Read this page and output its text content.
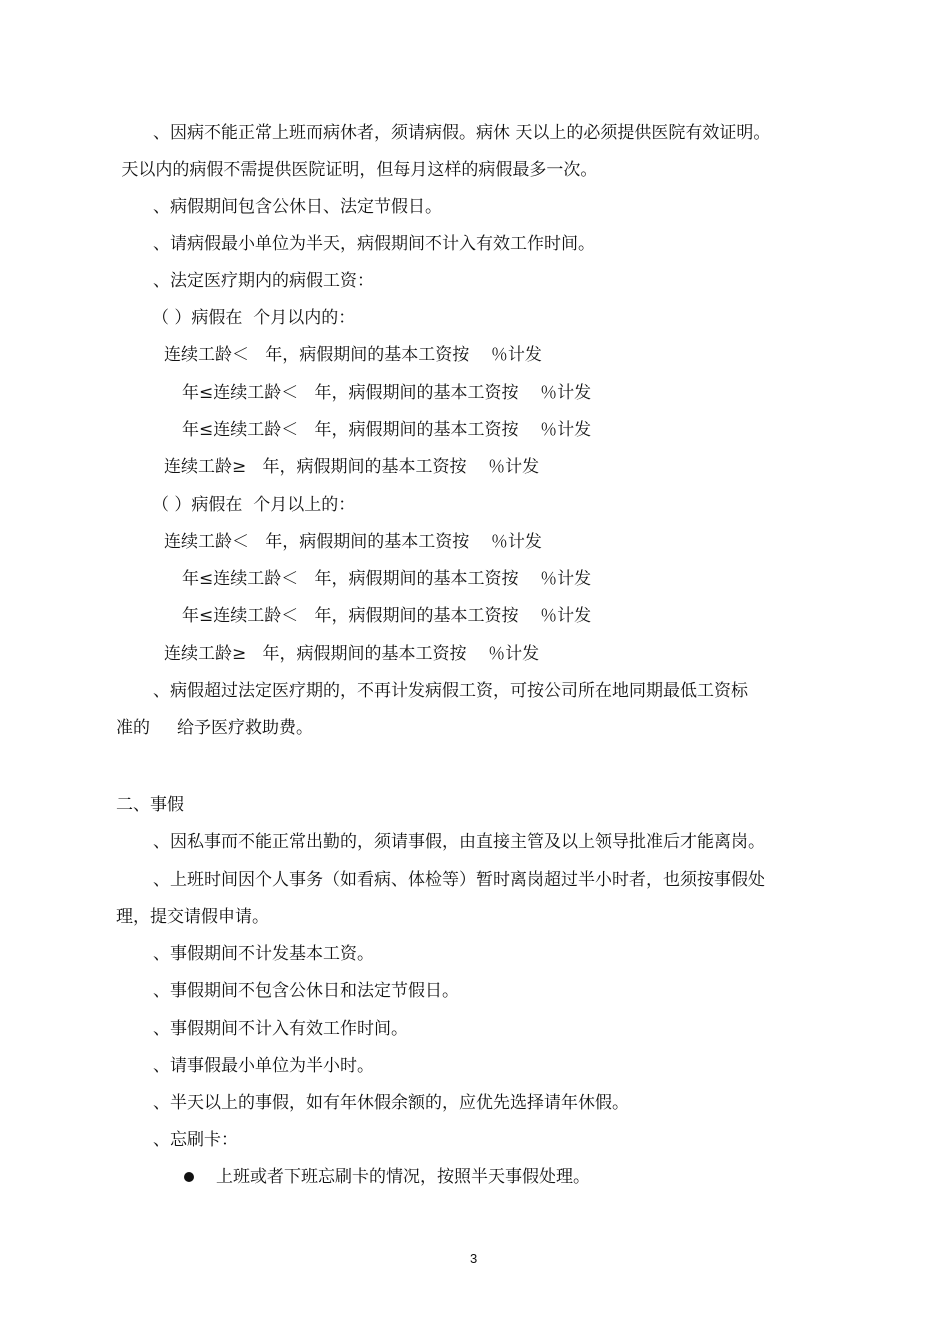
、因病不能正常上班而病休者，须请病假。病休 天以上的必须提供医院有效证明。
天以内的病假不需提供医院证明，但每月这样的病假最多一次。
、病假期间包含公休日、法定节假日。
、请病假最小单位为半天，病假期间不计入有效工作时间。
、法定医疗期内的病假工资：
（ ）病假在  个月以内的：
连续工龄＜   年，病假期间的基本工资按    ％计发
年≤连续工龄＜   年，病假期间的基本工资按    ％计发
年≤连续工龄＜   年，病假期间的基本工资按    ％计发
连续工龄≥   年，病假期间的基本工资按    ％计发
（ ）病假在  个月以上的：
连续工龄＜   年，病假期间的基本工资按    ％计发
年≤连续工龄＜   年，病假期间的基本工资按    ％计发
年≤连续工龄＜   年，病假期间的基本工资按    ％计发
连续工龄≥   年，病假期间的基本工资按    ％计发
、病假超过法定医疗期的，不再计发病假工资，可按公司所在地同期最低工资标
准的     给予医疗救助费。
二、事假
、因私事而不能正常出勤的，须请事假，由直接主管及以上领导批准后才能离岗。
、上班时间因个人事务（如看病、体检等）暂时离岗超过半小时者，也须按事假处
理，提交请假申请。
、事假期间不计发基本工资。
、事假期间不包含公休日和法定节假日。
、事假期间不计入有效工作时间。
、请事假最小单位为半小时。
、半天以上的事假，如有年休假余额的，应优先选择请年休假。
、忘刷卡：
上班或者下班忘刷卡的情况，按照半天事假处理。
3
